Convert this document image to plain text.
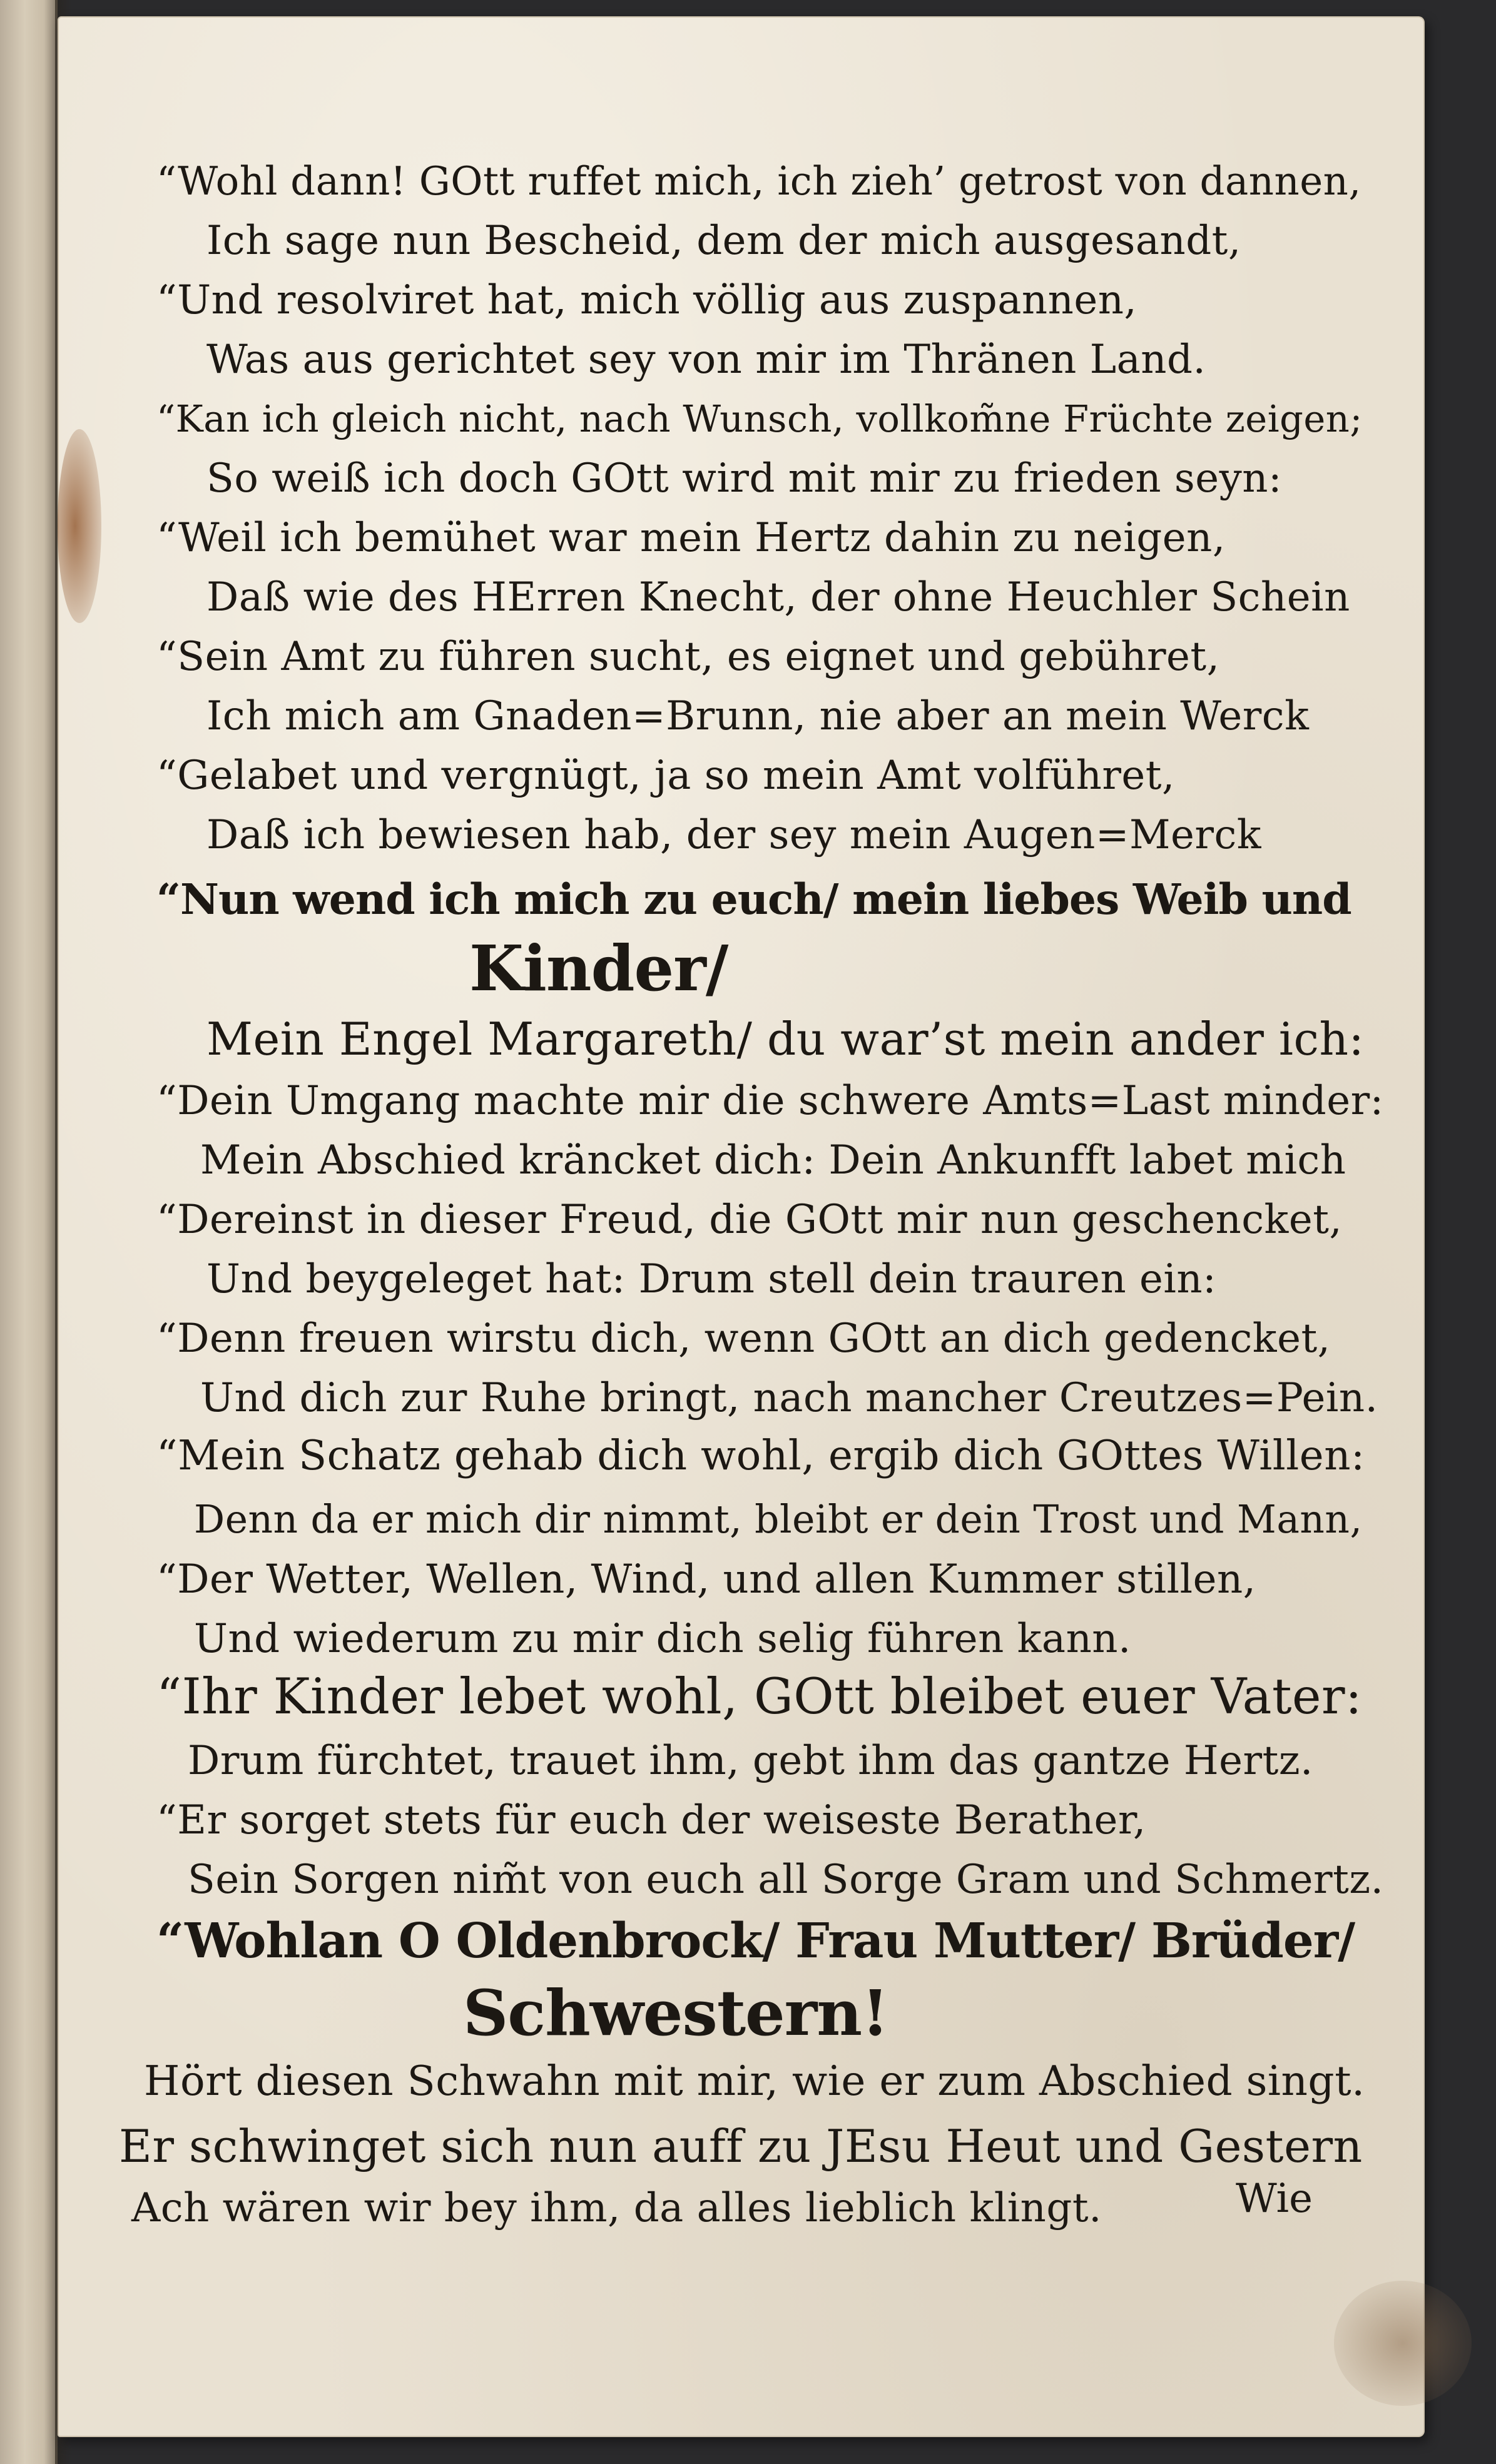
“Wohl dann! GOtt ruffet mich, ich zieh’ getrost von dannen,
Ich sage nun Bescheid, dem der mich ausgesandt,
“Und resolviret hat, mich völlig aus zuspannen,
Was aus gerichtet sey von mir im Thränen Land.
“Kan ich gleich nicht, nach Wunsch, vollkom̃ne Früchte zeigen;
So weiß ich doch GOtt wird mit mir zu frieden seyn:
“Weil ich bemühet war mein Hertz dahin zu neigen,
Daß wie des HErren Knecht, der ohne Heuchler Schein
“Sein Amt zu führen sucht, es eignet und gebühret,
Ich mich am Gnaden=Brunn, nie aber an mein Werck
“Gelabet und vergnügt, ja so mein Amt volführet,
Daß ich bewiesen hab, der sey mein Augen=Merck
“Nun wend ich mich zu euch/ mein liebes Weib und
Kinder/
Mein Engel Margareth/ du war’st mein ander ich:
“Dein Umgang machte mir die schwere Amts=Last minder:
Mein Abschied kräncket dich: Dein Ankunfft labet mich
“Dereinst in dieser Freud, die GOtt mir nun geschencket,
Und beygeleget hat: Drum stell dein trauren ein:
“Denn freuen wirstu dich, wenn GOtt an dich gedencket,
Und dich zur Ruhe bringt, nach mancher Creutzes=Pein.
“Mein Schatz gehab dich wohl, ergib dich GOttes Willen:
Denn da er mich dir nimmt, bleibt er dein Trost und Mann,
“Der Wetter, Wellen, Wind, und allen Kummer stillen,
Und wiederum zu mir dich selig führen kann.
“Ihr Kinder lebet wohl, GOtt bleibet euer Vater:
Drum fürchtet, trauet ihm, gebt ihm das gantze Hertz.
“Er sorget stets für euch der weiseste Berather,
Sein Sorgen nim̃t von euch all Sorge Gram und Schmertz.
“Wohlan O Oldenbrock/ Frau Mutter/ Brüder/
Schwestern!
Hört diesen Schwahn mit mir, wie er zum Abschied singt.
Er schwinget sich nun auff zu JEsu Heut und Gestern
Ach wären wir bey ihm, da alles lieblich klingt.	Wie
